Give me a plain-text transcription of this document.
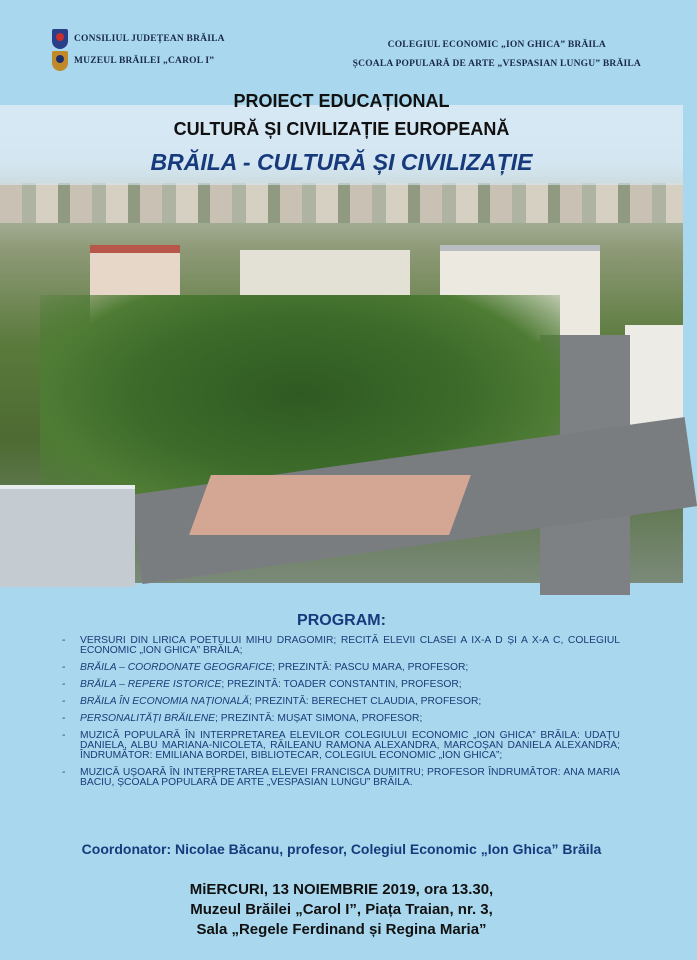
CONSILIUL JUDEȚEAN BRĂILA
MUZEUL BRĂILEI „CAROL I”
COLEGIUL ECONOMIC „ION GHICA” BRĂILA
ȘCOALA POPULARĂ DE ARTE „VESPASIAN LUNGU” BRĂILA
PROIECT EDUCAȚIONAL
CULTURĂ ȘI CIVILIZAȚIE EUROPEANĂ
BRĂILA - CULTURĂ ȘI CIVILIZAȚIE
PROGRAM:
- VERSURI DIN LIRICA POETULUI MIHU DRAGOMIR; RECITĂ ELEVII CLASEI A IX-A D ȘI A X-A C, COLEGIUL ECONOMIC „ION GHICA” BRĂILA;
- BRĂILA – COORDONATE GEOGRAFICE; PREZINTĂ: PASCU MARA, PROFESOR;
- BRĂILA – REPERE ISTORICE; PREZINTĂ: TOADER CONSTANTIN, PROFESOR;
- BRĂILA ÎN ECONOMIA NAȚIONALĂ; PREZINTĂ: BERECHET CLAUDIA, PROFESOR;
- PERSONALITĂȚI BRĂILENE; PREZINTĂ: MUȘAT SIMONA, PROFESOR;
- MUZICĂ POPULARĂ ÎN INTERPRETAREA ELEVILOR COLEGIULUI ECONOMIC „ION GHICA” BRĂILA: UDAȚU DANIELA, ALBU MARIANA-NICOLETA, RĂILEANU RAMONA ALEXANDRA, MARCOȘAN DANIELA ALEXANDRA; ÎNDRUMĂTOR: EMILIANA BORDEI, BIBLIOTECAR, COLEGIUL ECONOMIC „ION GHICA”;
- MUZICĂ UȘOARĂ ÎN INTERPRETAREA ELEVEI FRANCISCA DUMITRU; PROFESOR ÎNDRUMĂTOR: ANA MARIA BACIU, ȘCOALA POPULARĂ DE ARTE „VESPASIAN LUNGU” BRĂILA.
Coordonator: Nicolae Băcanu, profesor, Colegiul Economic „Ion Ghica” Brăila
MiERCURI, 13 NOIEMBRIE 2019, ora 13.30,
Muzeul Brăilei „Carol I”, Piața Traian, nr. 3,
Sala „Regele Ferdinand și Regina Maria”
